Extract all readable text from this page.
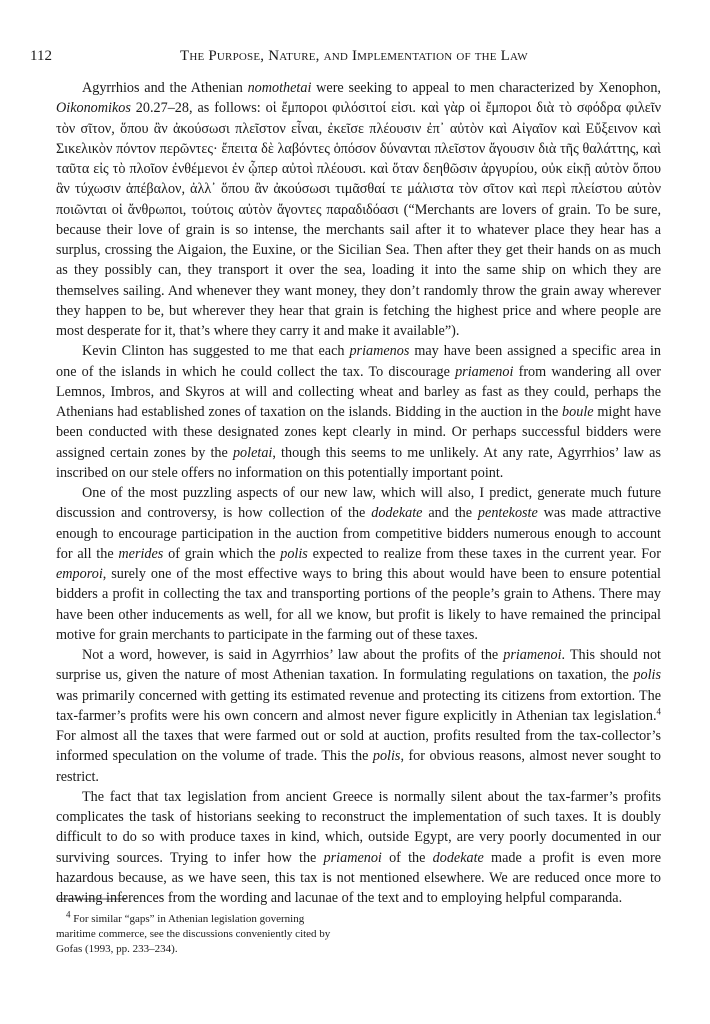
112	The Purpose, Nature, and Implementation of the Law

Agyrrhios and the Athenian nomothetai were seeking to appeal to men characterized by Xenophon, Oikonomikos 20.27–28, as follows: οἱ ἔμποροι φιλόσιτοί εἰσι. καὶ γὰρ οἱ ἔμποροι διὰ τὸ σφόδρα φιλεῖν τὸν σῖτον, ὅπου ἂν ἀκούσωσι πλεῖστον εἶναι, ἐκεῖσε πλέουσιν ἐπ᾽ αὐτὸν καὶ Αἰγαῖον καὶ Εὔξεινον καὶ Σικελικὸν πόντον περῶντες· ἔπειτα δὲ λαβόντες ὁπόσον δύνανται πλεῖστον ἄγουσιν διὰ τῆς θαλάττης, καὶ ταῦτα εἰς τὸ πλοῖον ἐνθέμενοι ἐν ᾧπερ αὐτοὶ πλέουσι. καὶ ὅταν δεηθῶσιν ἀργυρίου, οὐκ εἰκῇ αὐτὸν ὅπου ἂν τύχωσιν ἀπέβαλον, ἀλλ᾽ ὅπου ἂν ἀκούσωσι τιμᾶσθαί τε μάλιστα τὸν σῖτον καὶ περὶ πλείστου αὐτὸν ποιῶνται οἱ ἄνθρωποι, τούτοις αὐτὸν ἄγοντες παραδιδόασι (“Merchants are lovers of grain. To be sure, because their love of grain is so intense, the merchants sail after it to whatever place they hear has a surplus, crossing the Aigaion, the Euxine, or the Sicilian Sea. Then after they get their hands on as much as they possibly can, they transport it over the sea, loading it into the same ship on which they are themselves sailing. And whenever they want money, they don’t randomly throw the grain away wherever they happen to be, but wherever they hear that grain is fetching the highest price and where people are most desperate for it, that’s where they carry it and make it available”).

Kevin Clinton has suggested to me that each priamenos may have been assigned a specific area in one of the islands in which he could collect the tax. To discourage priamenoi from wandering all over Lemnos, Imbros, and Skyros at will and collecting wheat and barley as fast as they could, perhaps the Athenians had established zones of taxation on the islands. Bidding in the auction in the boule might have been conducted with these designated zones kept clearly in mind. Or perhaps successful bidders were assigned certain zones by the poletai, though this seems to me unlikely. At any rate, Agyrrhios’ law as inscribed on our stele offers no information on this potentially important point.

One of the most puzzling aspects of our new law, which will also, I predict, generate much future discussion and controversy, is how collection of the dodekate and the pentekoste was made attractive enough to encourage participation in the auction from competitive bidders numerous enough to account for all the merides of grain which the polis expected to realize from these taxes in the current year. For emporoi, surely one of the most effective ways to bring this about would have been to ensure potential bidders a profit in collecting the tax and transporting portions of the people’s grain to Athens. There may have been other inducements as well, for all we know, but profit is likely to have remained the principal motive for grain merchants to participate in the farming out of these taxes.

Not a word, however, is said in Agyrrhios’ law about the profits of the priamenoi. This should not surprise us, given the nature of most Athenian taxation. In formulating regulations on taxation, the polis was primarily concerned with getting its estimated revenue and protecting its citizens from extortion. The tax-farmer’s profits were his own concern and almost never figure explicitly in Athenian tax legislation.$^4$ For almost all the taxes that were farmed out or sold at auction, profits resulted from the tax-collector’s informed speculation on the volume of trade. This the polis, for obvious reasons, almost never sought to restrict.

The fact that tax legislation from ancient Greece is normally silent about the tax-farmer’s profits complicates the task of historians seeking to reconstruct the implementation of such taxes. It is doubly difficult to do so with produce taxes in kind, which, outside Egypt, are very poorly documented in our surviving sources. Trying to infer how the priamenoi of the dodekate made a profit is even more hazardous because, as we have seen, this tax is not mentioned elsewhere. We are reduced once more to drawing inferences from the wording and lacunae of the text and to employing helpful comparanda.

$^4$ For similar “gaps” in Athenian legislation governing maritime commerce, see the discussions conveniently cited by Gofas (1993, pp. 233–234).
